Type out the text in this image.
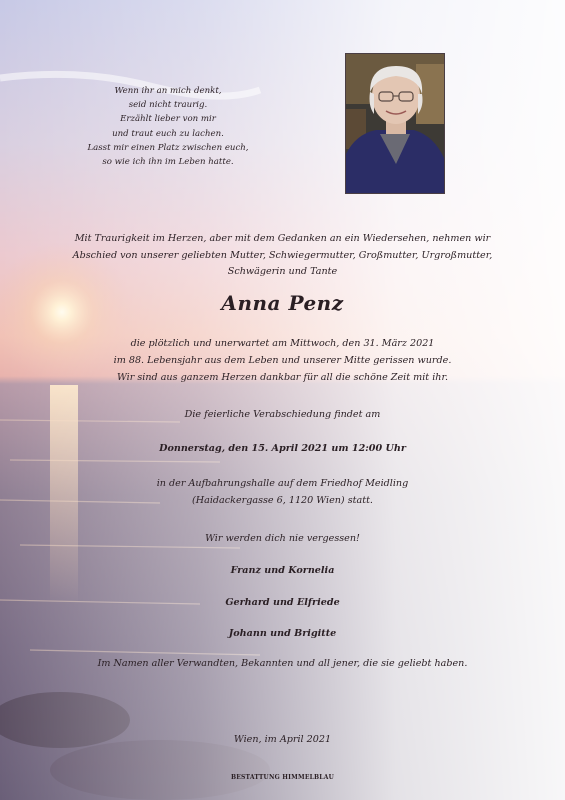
Wenn ihr an mich denkt,
seid nicht traurig.
Erzählt lieber von mir
und traut euch zu lachen.
Lasst mir einen Platz zwischen euch,
so wie ich ihn im Leben hatte.
Mit Traurigkeit im Herzen, aber mit dem Gedanken an ein Wiedersehen, nehmen wir
Abschied von unserer geliebten Mutter, Schwiegermutter, Großmutter, Urgroßmutter,
Schwägerin und Tante
Anna Penz
die plötzlich und unerwartet am Mittwoch, den 31. März 2021
im 88. Lebensjahr aus dem Leben und unserer Mitte gerissen wurde.
Wir sind aus ganzem Herzen dankbar für all die schöne Zeit mit ihr.
Die feierliche Verabschiedung findet am
Donnerstag, den 15. April 2021 um 12:00 Uhr
in der Aufbahrungshalle auf dem Friedhof Meidling
(Haidackergasse 6, 1120 Wien) statt.
Wir werden dich nie vergessen!
Franz und Kornelia
Gerhard und Elfriede
Johann und Brigitte
Im Namen aller Verwandten, Bekannten und all jener, die sie geliebt haben.
Wien, im April 2021
BESTATTUNG HIMMELBLAU
